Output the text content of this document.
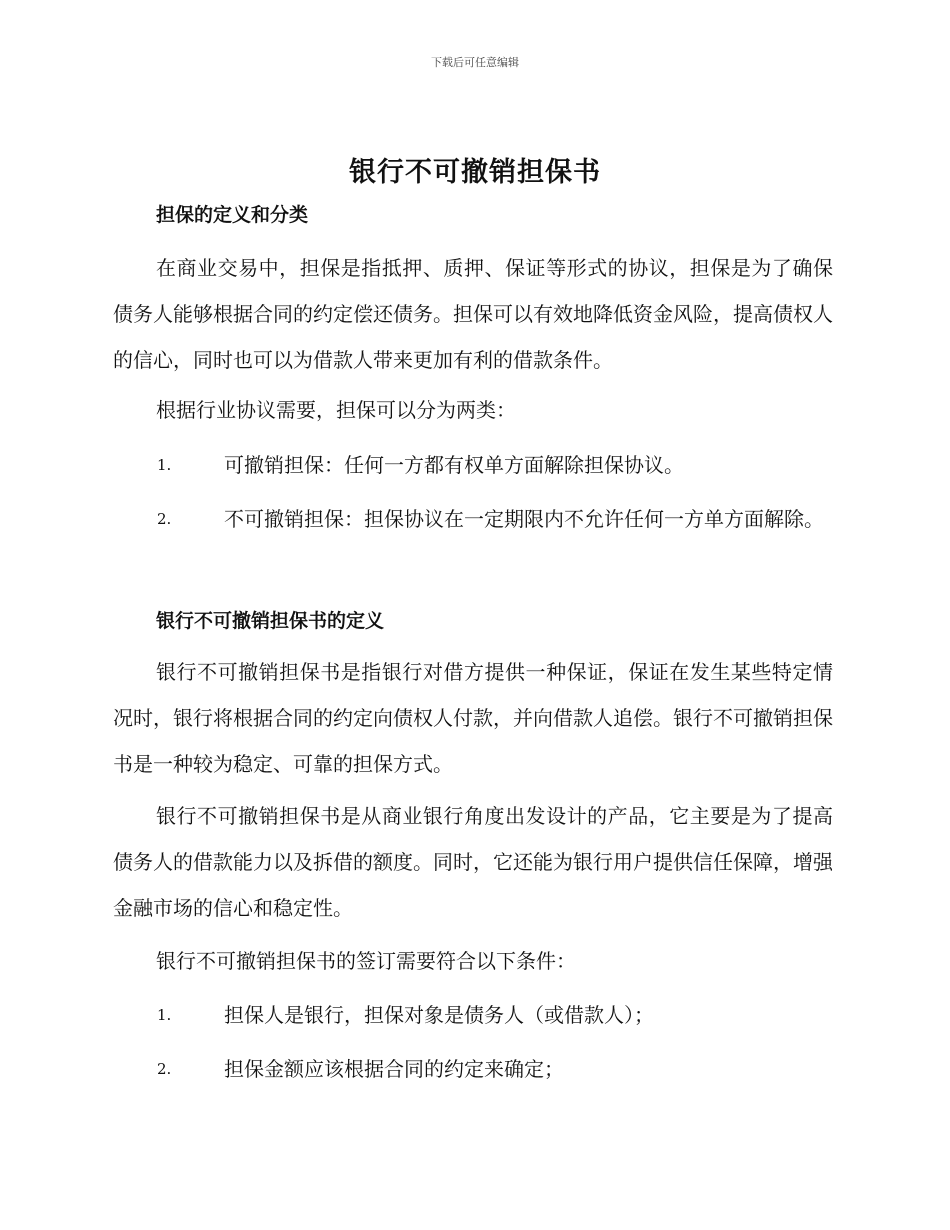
下载后可任意编辑
银行不可撤销担保书
担保的定义和分类
在商业交易中，担保是指抵押、质押、保证等形式的协议，担保是为了确保债务人能够根据合同的约定偿还债务。担保可以有效地降低资金风险，提高债权人的信心，同时也可以为借款人带来更加有利的借款条件。
根据行业协议需要，担保可以分为两类：
1.	可撤销担保：任何一方都有权单方面解除担保协议。
2.	不可撤销担保：担保协议在一定期限内不允许任何一方单方面解除。
银行不可撤销担保书的定义
银行不可撤销担保书是指银行对借方提供一种保证，保证在发生某些特定情况时，银行将根据合同的约定向债权人付款，并向借款人追偿。银行不可撤销担保书是一种较为稳定、可靠的担保方式。
银行不可撤销担保书是从商业银行角度出发设计的产品，它主要是为了提高债务人的借款能力以及拆借的额度。同时，它还能为银行用户提供信任保障，增强金融市场的信心和稳定性。
银行不可撤销担保书的签订需要符合以下条件：
1.	担保人是银行，担保对象是债务人（或借款人）；
2.	担保金额应该根据合同的约定来确定；
